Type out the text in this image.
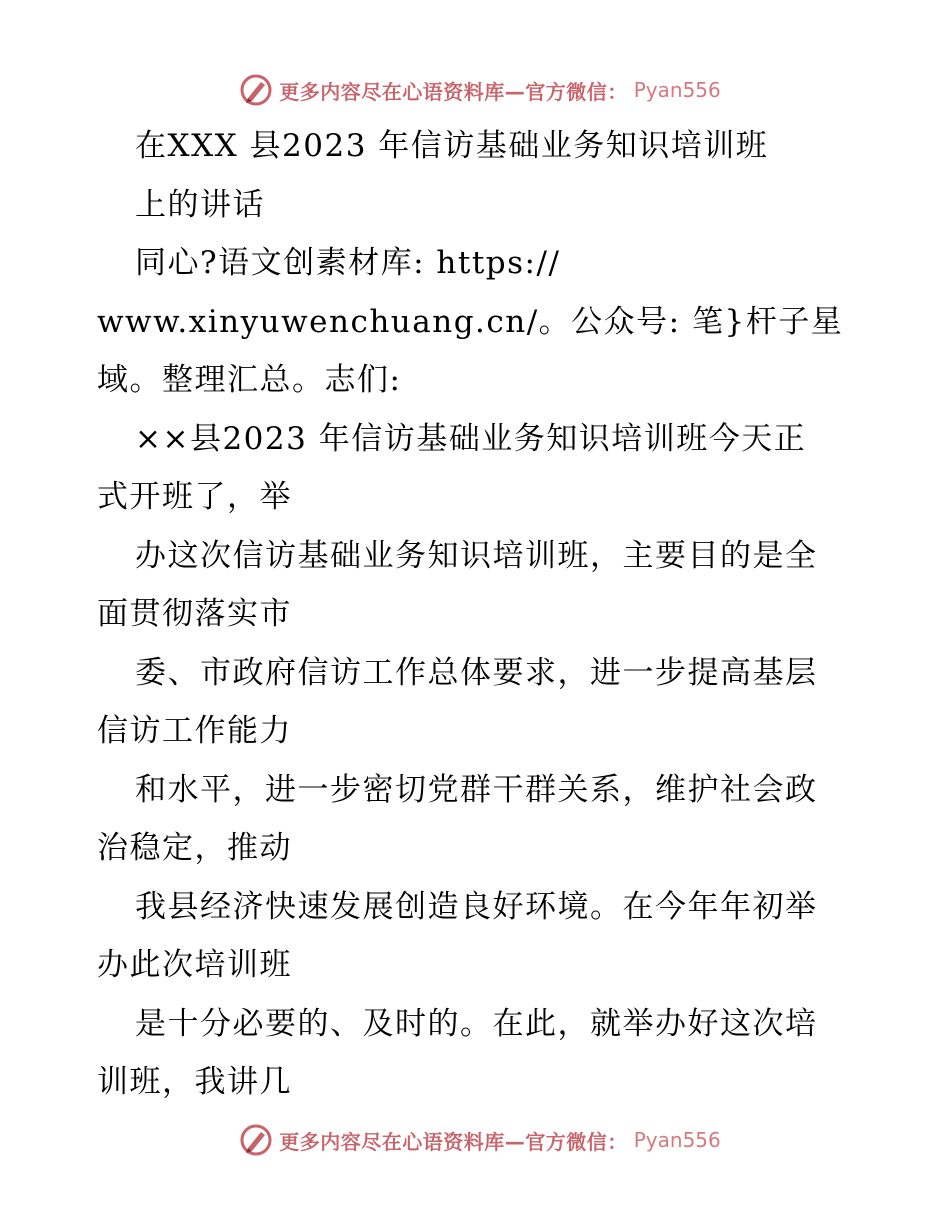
更多内容尽在心语资料库—官方微信： Pyan556
在XXX 县2023 年信访基础业务知识培训班
上的讲话
同心?语文创素材库: https://
www.xinyuwenchuang.cn/。公众号: 笔}杆子星
域。整理汇总。志们:
××县2023 年信访基础业务知识培训班今天正
式开班了，举
办这次信访基础业务知识培训班，主要目的是全
面贯彻落实市
委、市政府信访工作总体要求，进一步提高基层
信访工作能力
和水平，进一步密切党群干群关系，维护社会政
治稳定，推动
我县经济快速发展创造良好环境。在今年年初举
办此次培训班
是十分必要的、及时的。在此，就举办好这次培
训班，我讲几
更多内容尽在心语资料库—官方微信： Pyan556
